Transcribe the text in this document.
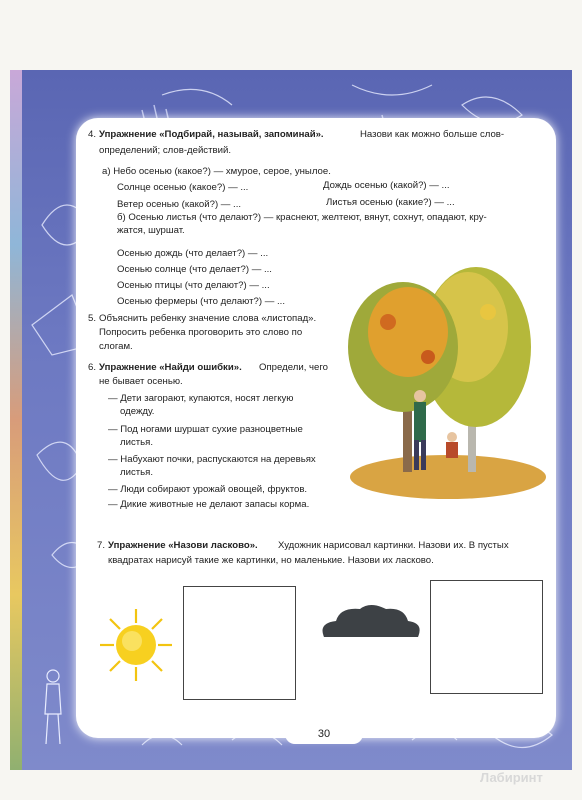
4. Упражнение «Подбирай, называй, запоминай».	Назови как можно больше слов-
определений; слов-действий.
а) Небо осенью (какое?) — хмурое, серое, унылое.
Солнце осенью (какое?) — ...	Дождь осенью (какой?) — ...
Ветер осенью (какой?) — ...	Листья осенью (какие?) — ...
б) Осенью листья (что делают?) — краснеют, желтеют, вянут, сохнут, опадают, кру-
жатся, шуршат.
Осенью дождь (что делает?) — ...
Осенью солнце (что делает?) — ...
Осенью птицы (что делают?) — ...
Осенью фермеры (что делают?) — ...
5. Объяснить ребенку значение слова «листопад».
Попросить ребенка проговорить это слово по
слогам.
6. Упражнение «Найди ошибки». Определи, чего
не бывает осенью.
— Дети загорают, купаются, носят легкую
одежду.
— Под ногами шуршат сухие разноцветные
листья.
— Набухают почки, распускаются на деревьях
листья.
— Люди собирают урожай овощей, фруктов.
— Дикие животные не делают запасы корма.
7. Упражнение «Назови ласково». Художник нарисовал картинки. Назови их. В пустых
квадратах нарисуй такие же картинки, но маленькие. Назови их ласково.
30
Лабиринт
